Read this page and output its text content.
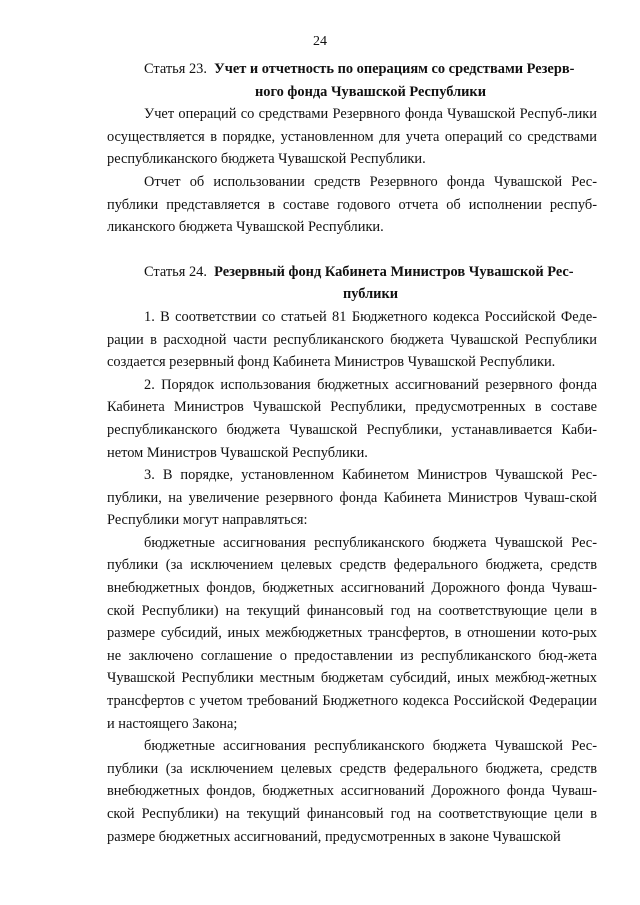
24

Статья 23. Учет и отчетность по операциям со средствами Резерв-
ного фонда Чувашской Республики

Учет операций со средствами Резервного фонда Чувашской Респуб-лики осуществляется в порядке, установленном для учета операций со средствами республиканского бюджета Чувашской Республики.

Отчет об использовании средств Резервного фонда Чувашской Рес-публики представляется в составе годового отчета об исполнении респуб-ликанского бюджета Чувашской Республики.

Статья 24. Резервный фонд Кабинета Министров Чувашской Рес-
публики

1. В соответствии со статьей 81 Бюджетного кодекса Российской Феде-рации в расходной части республиканского бюджета Чувашской Республики создается резервный фонд Кабинета Министров Чувашской Республики.

2. Порядок использования бюджетных ассигнований резервного фонда Кабинета Министров Чувашской Республики, предусмотренных в составе республиканского бюджета Чувашской Республики, устанавливается Каби-нетом Министров Чувашской Республики.

3. В порядке, установленном Кабинетом Министров Чувашской Рес-публики, на увеличение резервного фонда Кабинета Министров Чуваш-ской Республики могут направляться:

бюджетные ассигнования республиканского бюджета Чувашской Рес-публики (за исключением целевых средств федерального бюджета, средств внебюджетных фондов, бюджетных ассигнований Дорожного фонда Чуваш-ской Республики) на текущий финансовый год на соответствующие цели в размере субсидий, иных межбюджетных трансфертов, в отношении кото-рых не заключено соглашение о предоставлении из республиканского бюд-жета Чувашской Республики местным бюджетам субсидий, иных межбюд-жетных трансфертов с учетом требований Бюджетного кодекса Российской Федерации и настоящего Закона;

бюджетные ассигнования республиканского бюджета Чувашской Рес-публики (за исключением целевых средств федерального бюджета, средств внебюджетных фондов, бюджетных ассигнований Дорожного фонда Чуваш-ской Республики) на текущий финансовый год на соответствующие цели в размере бюджетных ассигнований, предусмотренных в законе Чувашской
